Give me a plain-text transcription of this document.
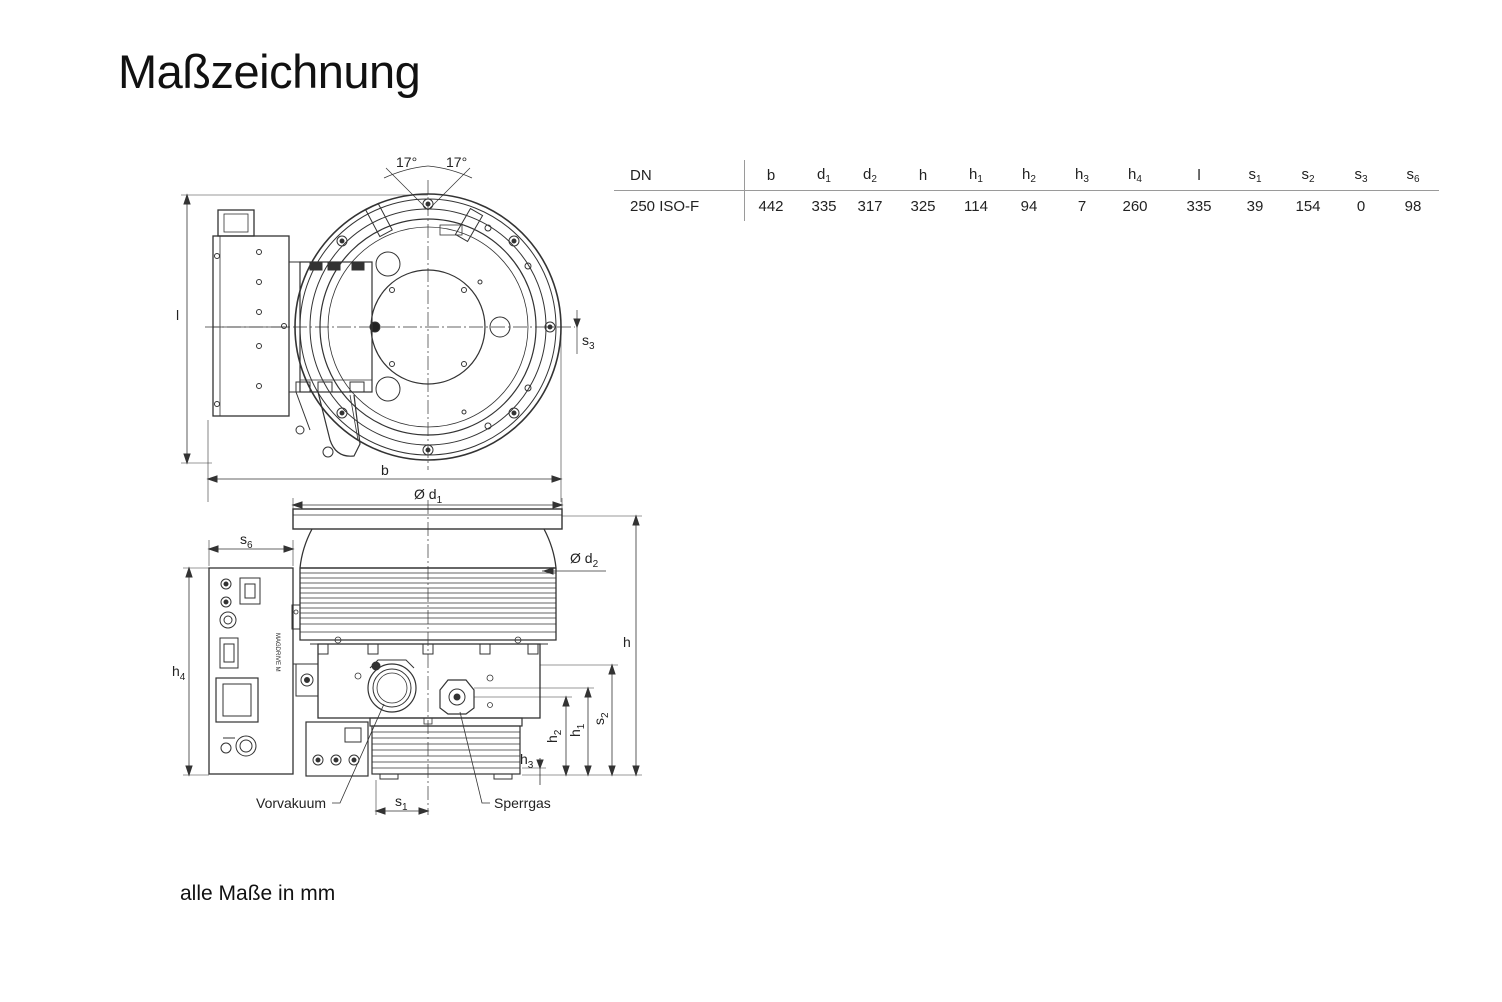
Maßzeichnung
MAGDRIVE M
17° 17°
l
b
$s_3$
Ø $d_1$
Ø $d_2$
$s_6$
h
$h_4$
$s_2$
$h_1$
$h_2$
$h_3$
$s_1$
Vorvakuum	Sperrgas
DN	b	$d_1$	$d_2$	h	$h_1$	$h_2$	$h_3$	$h_4$	l	$s_1$	$s_2$	$s_3$	$s_6$
250 ISO-F	442	335	317	325	114	94	7	260	335	39	154	0	98
alle Maße in mm
